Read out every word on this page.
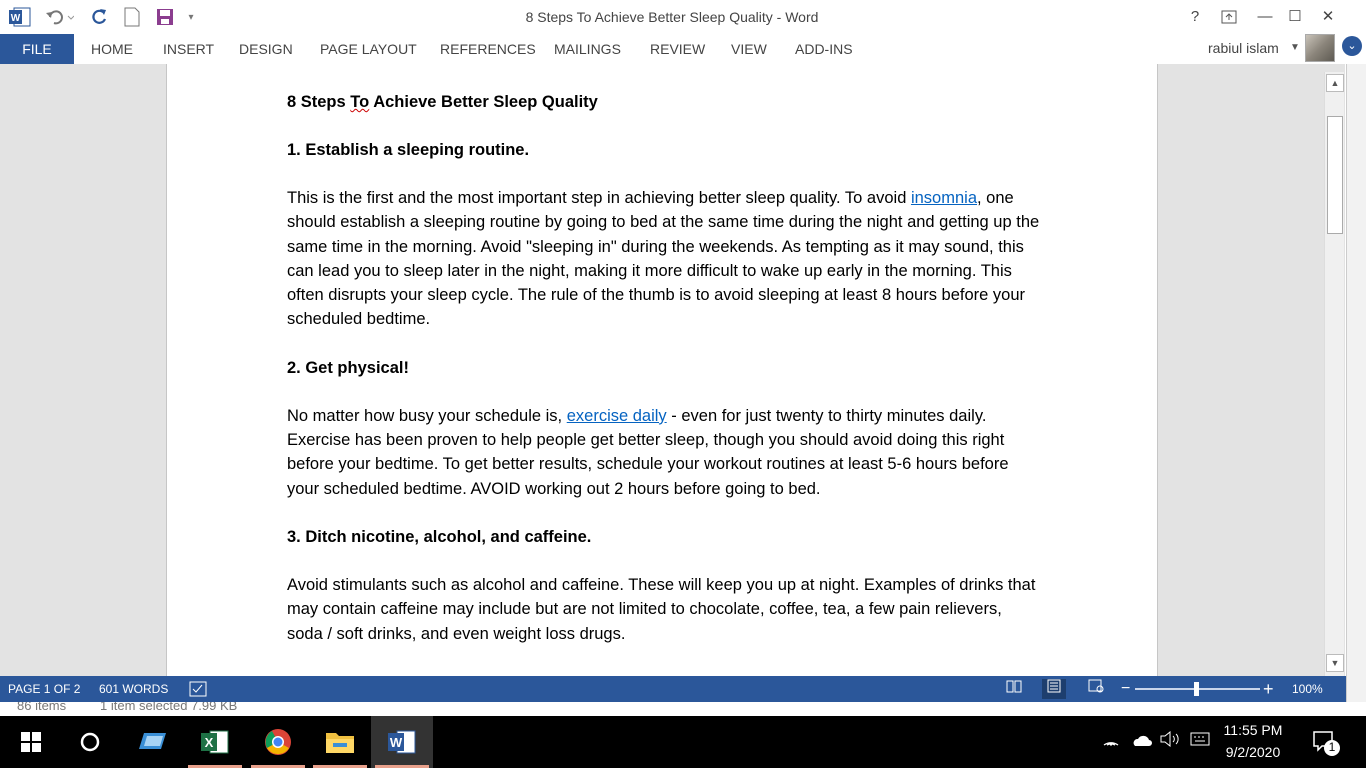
W	▾	8 Steps To Achieve Better Sleep Quality - Word	?	—	☐	✕
FILE	HOME INSERT DESIGN PAGE LAYOUT REFERENCES MAILINGS REVIEW VIEW ADD-INS	rabiul islam ▼	⌄
8 Steps To Achieve Better Sleep Quality
1. Establish a sleeping routine.
This is the first and the most important step in achieving better sleep quality. To avoid insomnia, one should establish a sleeping routine by going to bed at the same time during the night and getting up the same time in the morning. Avoid "sleeping in" during the weekends. As tempting as it may sound, this can lead you to sleep later in the night, making it more difficult to wake up early in the morning. This often disrupts your sleep cycle. The rule of the thumb is to avoid sleeping at least 8 hours before your scheduled bedtime.
2. Get physical!
No matter how busy your schedule is, exercise daily - even for just twenty to thirty minutes daily. Exercise has been proven to help people get better sleep, though you should avoid doing this right before your bedtime. To get better results, schedule your workout routines at least 5-6 hours before your scheduled bedtime. AVOID working out 2 hours before going to bed.
3. Ditch nicotine, alcohol, and caffeine.
Avoid stimulants such as alcohol and caffeine. These will keep you up at night. Examples of drinks that may contain caffeine may include but are not limited to chocolate, coffee, tea, a few pain relievers, soda / soft drinks, and even weight loss drugs.
▲
▼
PAGE 1 OF 2 601 WORDS	−	+ 100%
86 items	1 item selected 7.99 KB
X	W
11:55 PM
9/2/2020	1
